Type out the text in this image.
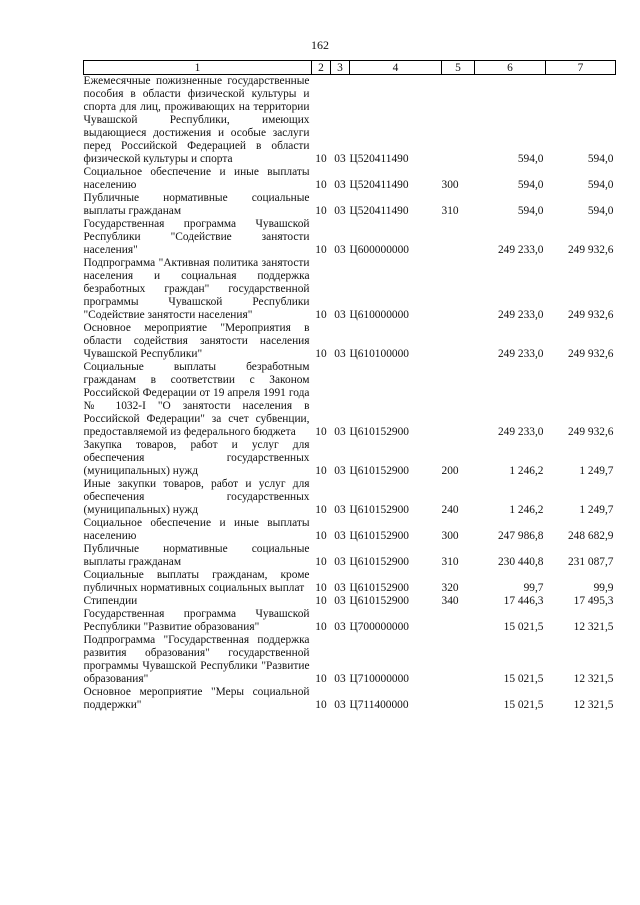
162
1	2	3	4	5	6	7
Ежемесячные пожизненные государственные пособия в области физической культуры и спорта для лиц, проживающих на территории Чувашской Республики, имеющих выдающиеся достижения и особые заслуги перед Российской Федерацией в области физической культуры и спорта	10	03	Ц520411490		594,0	594,0
Социальное обеспечение и иные выплаты населению	10	03	Ц520411490	300	594,0	594,0
Публичные нормативные социальные выплаты гражданам	10	03	Ц520411490	310	594,0	594,0
Государственная программа Чувашской Республики "Содействие занятости населения"	10	03	Ц600000000		249 233,0	249 932,6
Подпрограмма "Активная политика занятости населения и социальная поддержка безработных граждан" государственной программы Чувашской Республики "Содействие занятости населения"	10	03	Ц610000000		249 233,0	249 932,6
Основное мероприятие "Мероприятия в области содействия занятости населения Чувашской Республики"	10	03	Ц610100000		249 233,0	249 932,6
Социальные выплаты безработным гражданам в соответствии с Законом Российской Федерации от 19 апреля 1991 года № 1032-I "О занятости населения в Российской Федерации" за счет субвенции, предоставляемой из федерального бюджета	10	03	Ц610152900		249 233,0	249 932,6
Закупка товаров, работ и услуг для обеспечения государственных (муниципальных) нужд	10	03	Ц610152900	200	1 246,2	1 249,7
Иные закупки товаров, работ и услуг для обеспечения государственных (муниципальных) нужд	10	03	Ц610152900	240	1 246,2	1 249,7
Социальное обеспечение и иные выплаты населению	10	03	Ц610152900	300	247 986,8	248 682,9
Публичные нормативные социальные выплаты гражданам	10	03	Ц610152900	310	230 440,8	231 087,7
Социальные выплаты гражданам, кроме публичных нормативных социальных выплат	10	03	Ц610152900	320	99,7	99,9
Стипендии	10	03	Ц610152900	340	17 446,3	17 495,3
Государственная программа Чувашской Республики "Развитие образования"	10	03	Ц700000000		15 021,5	12 321,5
Подпрограмма "Государственная поддержка развития образования" государственной программы Чувашской Республики "Развитие образования"	10	03	Ц710000000		15 021,5	12 321,5
Основное мероприятие "Меры социальной поддержки"	10	03	Ц711400000		15 021,5	12 321,5
